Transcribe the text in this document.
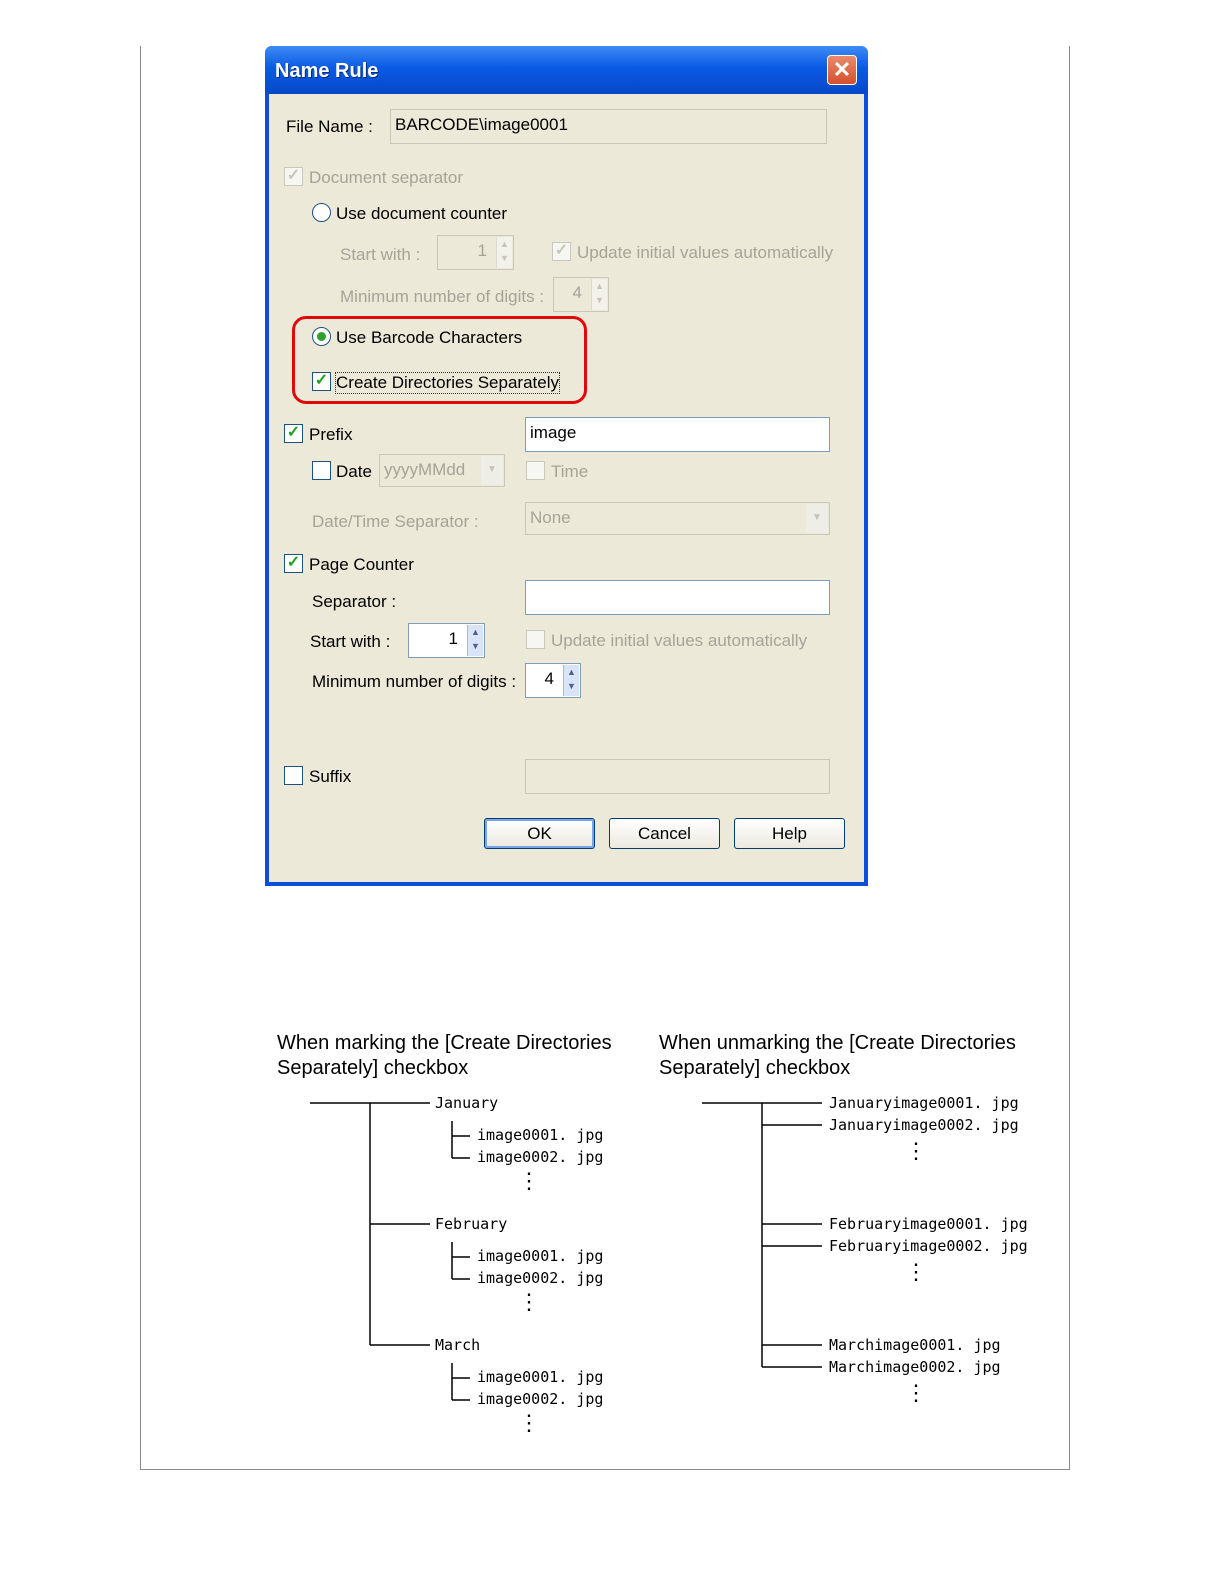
Name Rule	✕
File Name : BARCODE\image0001
✓ Document separator
Use document counter
Start with :	1	▲
▼	✓ Update initial values automatically
Minimum number of digits :	4	▲
▼
Use Barcode Characters
✓ Create Directories Separately
✓ Prefix	image
Date yyyyMMdd	▼	Time
Date/Time Separator :	None	▼
✓ Page Counter
Separator :
Start with :	1	▲
▼	Update initial values automatically
Minimum number of digits :	4	▲
▼
Suffix
OK	Cancel	Help
When marking the [Create Directories Separately] checkbox
When unmarking the [Create Directories Separately] checkbox
January
image0001. jpg
image0002. jpg
⋮
February
image0001. jpg
image0002. jpg
⋮
March
image0001. jpg
image0002. jpg
⋮
Januaryimage0001. jpg
Januaryimage0002. jpg
⋮
Februaryimage0001. jpg
Februaryimage0002. jpg
⋮
Marchimage0001. jpg
Marchimage0002. jpg
⋮
